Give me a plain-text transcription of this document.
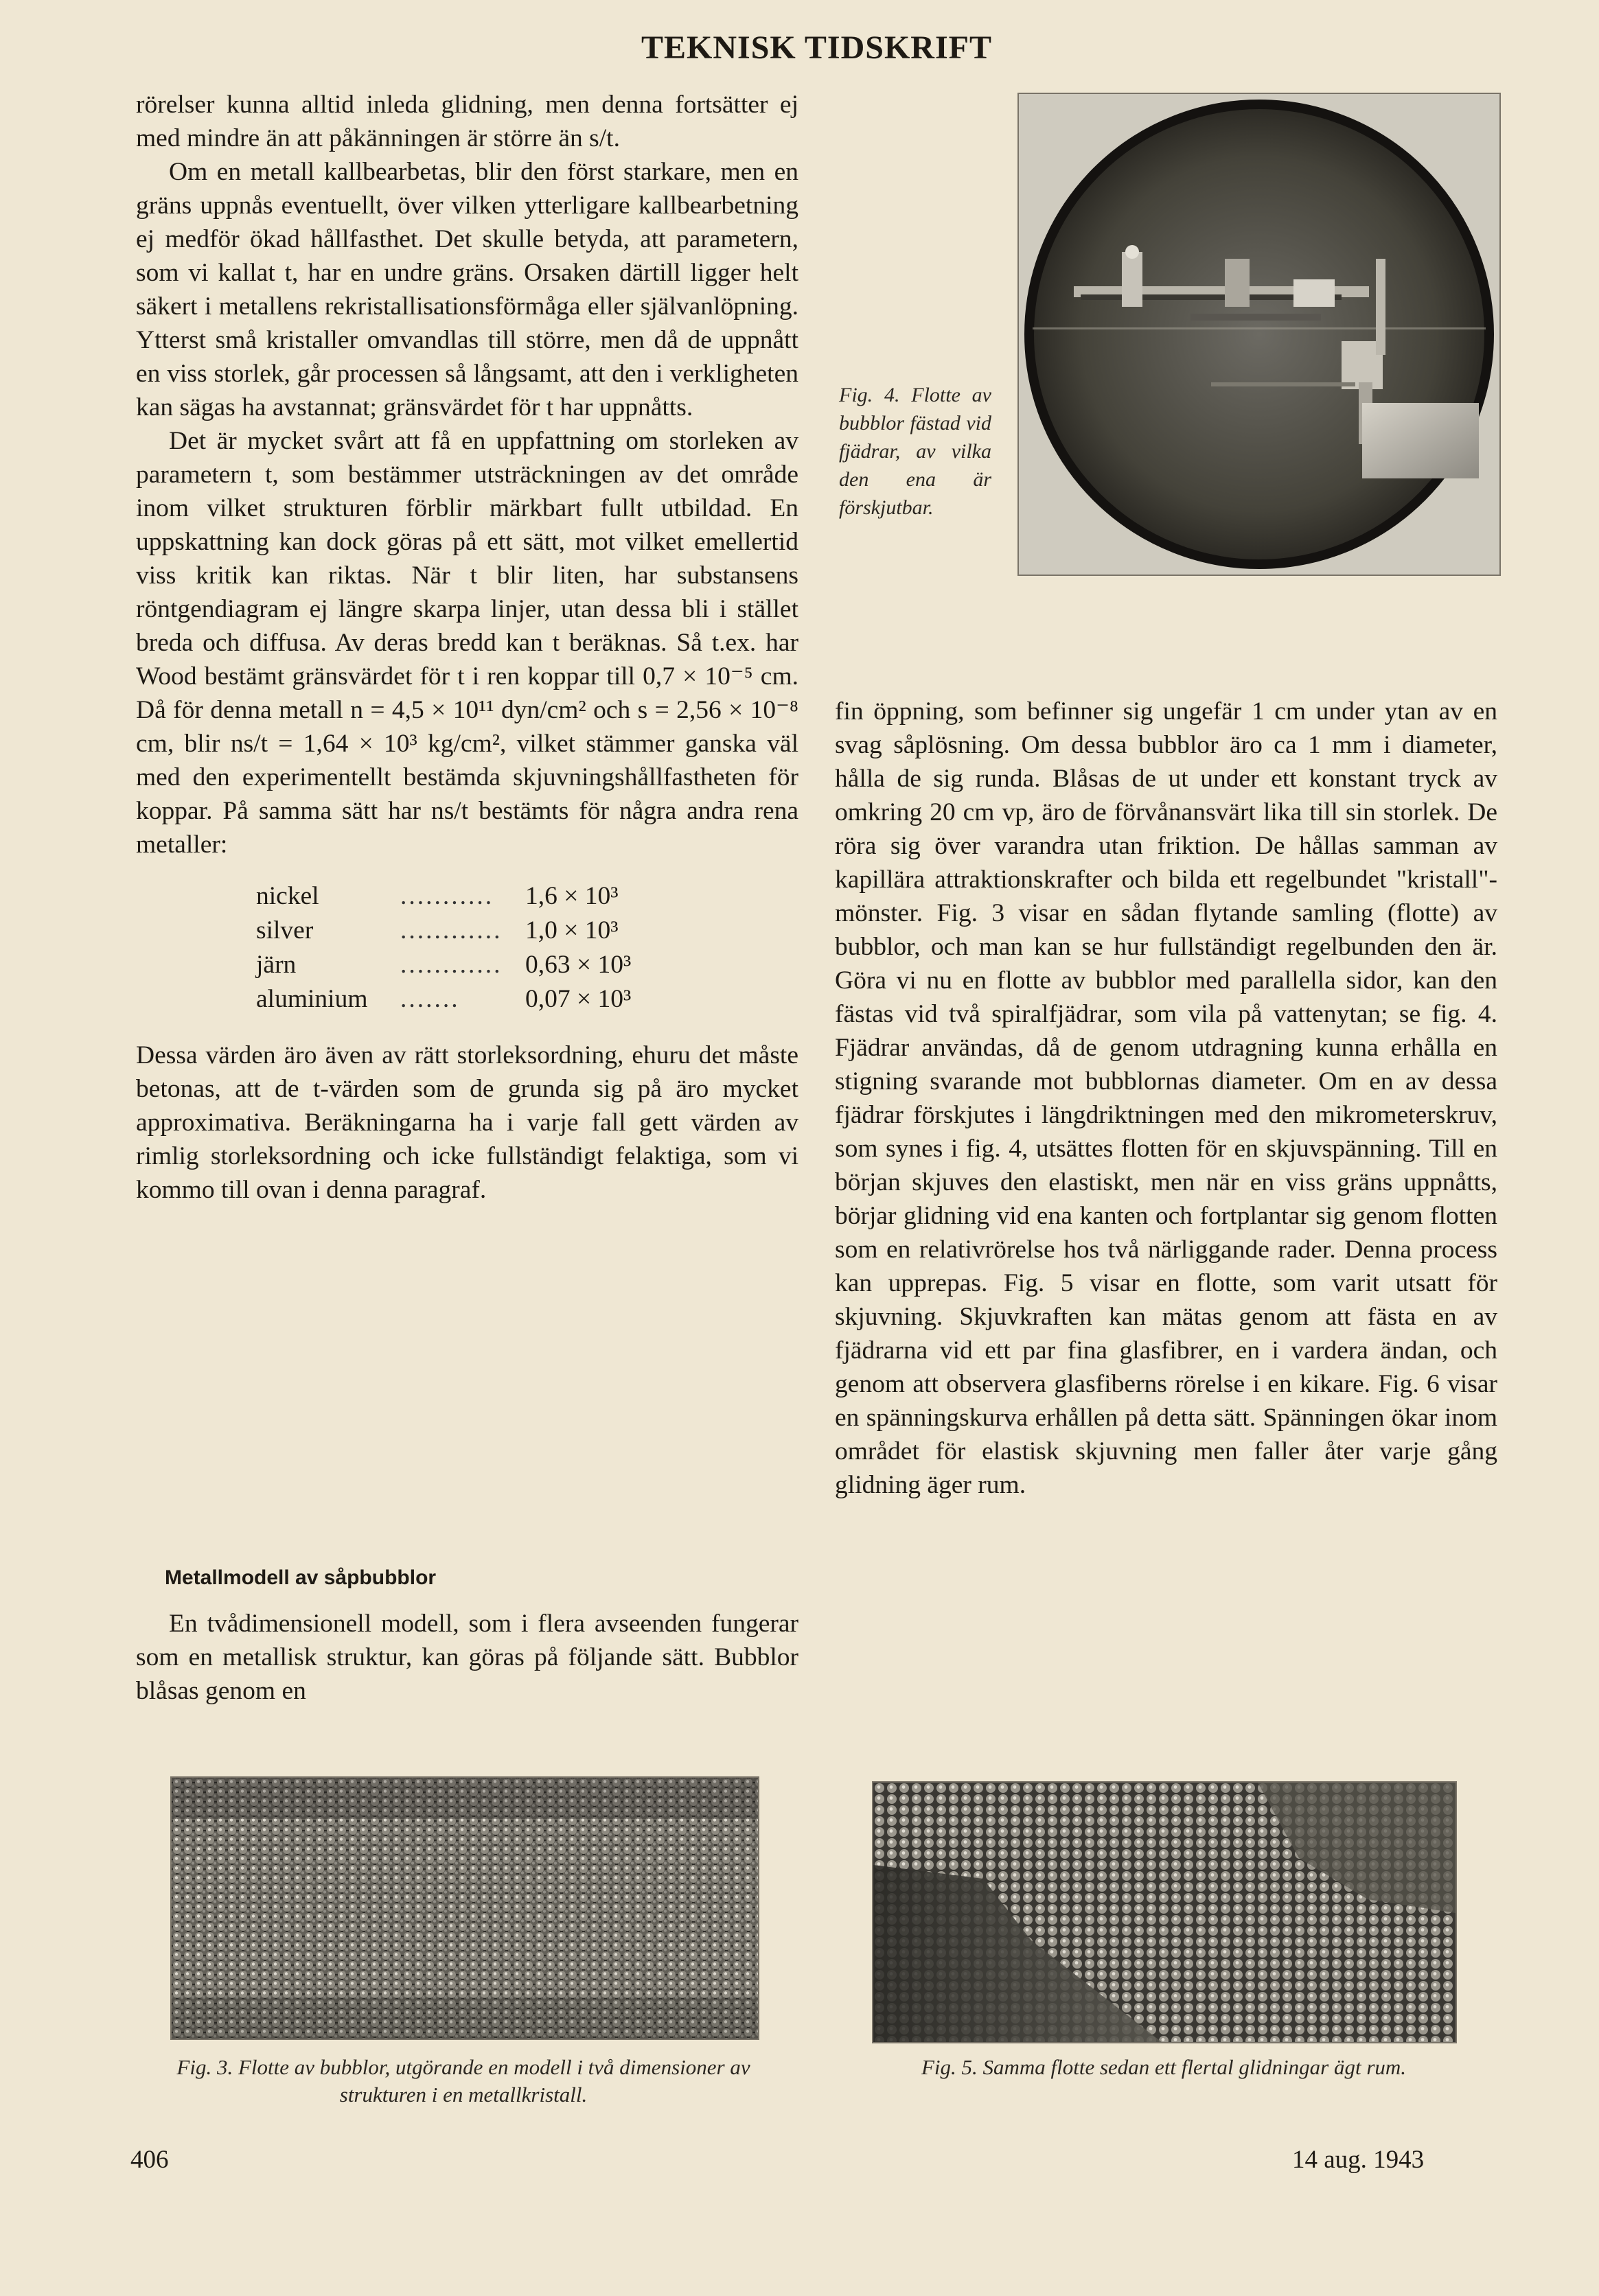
TEKNISK TIDSKRIFT

rörelser kunna alltid inleda glidning, men denna fortsätter ej med mindre än att påkänningen är större än s/t.

Om en metall kallbearbetas, blir den först starkare, men en gräns uppnås eventuellt, över vilken ytterligare kallbearbetning ej medför ökad hållfasthet. Det skulle betyda, att parametern, som vi kallat t, har en undre gräns. Orsaken därtill ligger helt säkert i metallens rekristallisationsförmåga eller självanlöpning. Ytterst små kristaller omvandlas till större, men då de uppnått en viss storlek, går processen så långsamt, att den i verkligheten kan sägas ha avstannat; gränsvärdet för t har uppnåtts.

Det är mycket svårt att få en uppfattning om storleken av parametern t, som bestämmer utsträckningen av det område inom vilket strukturen förblir märkbart fullt utbildad. En uppskattning kan dock göras på ett sätt, mot vilket emellertid viss kritik kan riktas. När t blir liten, har substansens röntgendiagram ej längre skarpa linjer, utan dessa bli i stället breda och diffusa. Av deras bredd kan t beräknas. Så t.ex. har Wood bestämt gränsvärdet för t i ren koppar till 0,7 × 10⁻⁵ cm. Då för denna metall n = 4,5 × 10¹¹ dyn/cm² och s = 2,56 × 10⁻⁸ cm, blir ns/t = 1,64 × 10³ kg/cm², vilket stämmer ganska väl med den experimentellt bestämda skjuvningshållfastheten för koppar. På samma sätt har ns/t bestämts för några andra rena metaller:

nickel	...........	1,6 × 10³
silver	............	1,0 × 10³
järn	............	0,63 × 10³
aluminium	.......	0,07 × 10³

Dessa värden äro även av rätt storleksordning, ehuru det måste betonas, att de t-värden som de grunda sig på äro mycket approximativa. Beräkningarna ha i varje fall gett värden av rimlig storleksordning och icke fullständigt felaktiga, som vi kommo till ovan i denna paragraf.

Metallmodell av såpbubblor

En tvådimensionell modell, som i flera avseenden fungerar som en metallisk struktur, kan göras på följande sätt. Bubblor blåsas genom en

Fig. 4. Flotte av bubblor fästad vid fjädrar, av vilka den ena är förskjutbar.

fin öppning, som befinner sig ungefär 1 cm under ytan av en svag såplösning. Om dessa bubblor äro ca 1 mm i diameter, hålla de sig runda. Blåsas de ut under ett konstant tryck av omkring 20 cm vp, äro de förvånansvärt lika till sin storlek. De röra sig över varandra utan friktion. De hållas samman av kapillära attraktionskrafter och bilda ett regelbundet "kristall"-mönster. Fig. 3 visar en sådan flytande samling (flotte) av bubblor, och man kan se hur fullständigt regelbunden den är. Göra vi nu en flotte av bubblor med parallella sidor, kan den fästas vid två spiralfjädrar, som vila på vattenytan; se fig. 4. Fjädrar användas, då de genom utdragning kunna erhålla en stigning svarande mot bubblornas diameter. Om en av dessa fjädrar förskjutes i längdriktningen med den mikrometerskruv, som synes i fig. 4, utsättes flotten för en skjuvspänning. Till en början skjuves den elastiskt, men när en viss gräns uppnåtts, börjar glidning vid ena kanten och fortplantar sig genom flotten som en relativrörelse hos två närliggande rader. Denna process kan upprepas. Fig. 5 visar en flotte, som varit utsatt för skjuvning. Skjuvkraften kan mätas genom att fästa en av fjädrarna vid ett par fina glasfibrer, en i vardera ändan, och genom att observera glasfiberns rörelse i en kikare. Fig. 6 visar en spänningskurva erhållen på detta sätt. Spänningen ökar inom området för elastisk skjuvning men faller åter varje gång glidning äger rum.

Fig. 3. Flotte av bubblor, utgörande en modell i två dimensioner av strukturen i en metallkristall.
Fig. 5. Samma flotte sedan ett flertal glidningar ägt rum.
406	14 aug. 1943
